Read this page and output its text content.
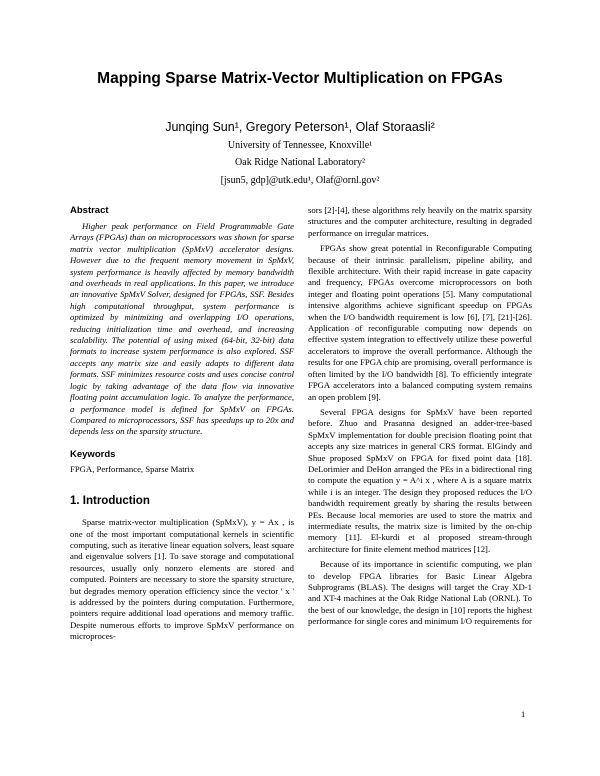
Mapping Sparse Matrix-Vector Multiplication on FPGAs
Junqing Sun¹, Gregory Peterson¹, Olaf Storaasli²
University of Tennessee, Knoxville¹
Oak Ridge National Laboratory²
[jsun5, gdp]@utk.edu¹, Olaf@ornl.gov²
Abstract

Higher peak performance on Field Programmable Gate Arrays (FPGAs) than on microprocessors was shown for sparse matrix vector multiplication (SpMxV) accelerator designs. However due to the frequent memory movement in SpMxV, system performance is heavily affected by memory bandwidth and overheads in real applications. In this paper, we introduce an innovative SpMxV Solver, designed for FPGAs, SSF. Besides high computational throughput, system performance is optimized by minimizing and overlapping I/O operations, reducing initialization time and overhead, and increasing scalability. The potential of using mixed (64-bit, 32-bit) data formats to increase system performance is also explored. SSF accepts any matrix size and easily adapts to different data formats. SSF minimizes resource costs and uses concise control logic by taking advantage of the data flow via innovative floating point accumulation logic. To analyze the performance, a performance model is defined for SpMxV on FPGAs. Compared to microprocessors, SSF has speedups up to 20x and depends less on the sparsity structure.

Keywords

FPGA, Performance, Sparse Matrix

1. Introduction

Sparse matrix-vector multiplication (SpMxV), y = Ax , is one of the most important computational kernels in scientific computing, such as iterative linear equation solvers, least square and eigenvalue solvers [1]. To save storage and computational resources, usually only nonzero elements are stored and computed. Pointers are necessary to store the sparsity structure, but degrades memory operation efficiency since the vector ' x ' is addressed by the pointers during computation. Furthermore, pointers require additional load operations and memory traffic. Despite numerous efforts to improve SpMxV performance on microproces-

sors [2]-[4], these algorithms rely heavily on the matrix sparsity structures and the computer architecture, resulting in degraded performance on irregular matrices.

FPGAs show great potential in Reconfigurable Computing because of their intrinsic parallelism, pipeline ability, and flexible architecture. With their rapid increase in gate capacity and frequency, FPGAs overcome microprocessors on both integer and floating point operations [5]. Many computational intensive algorithms achieve significant speedup on FPGAs when the I/O bandwidth requirement is low [6], [7], [21]-[26]. Application of reconfigurable computing now depends on effective system integration to effectively utilize these powerful accelerators to improve the overall performance. Although the results for one FPGA chip are promising, overall performance is often limited by the I/O bandwidth [8]. To efficiently integrate FPGA accelerators into a balanced computing system remains an open problem [9].

Several FPGA designs for SpMxV have been reported before. Zhuo and Prasanna designed an adder-tree-based SpMxV implementation for double precision floating point that accepts any size matrices in general CRS format. ElGindy and Shue proposed SpMxV on FPGA for fixed point data [18]. DeLorimier and DeHon arranged the PEs in a bidirectional ring to compute the equation y = A^i x , where A is a square matrix while i is an integer. The design they proposed reduces the I/O bandwidth requirement greatly by sharing the results between PEs. Because local memories are used to store the matrix and intermediate results, the matrix size is limited by the on-chip memory [11]. El-kurdi et al proposed stream-through architecture for finite element method matrices [12].

Because of its importance in scientific computing, we plan to develop FPGA libraries for Basic Linear Algebra Subprograms (BLAS). The designs will target the Cray XD-1 and XT-4 machines at the Oak Ridge National Lab (ORNL). To the best of our knowledge, the design in [10] reports the highest performance for single cores and minimum I/O requirements for

1
